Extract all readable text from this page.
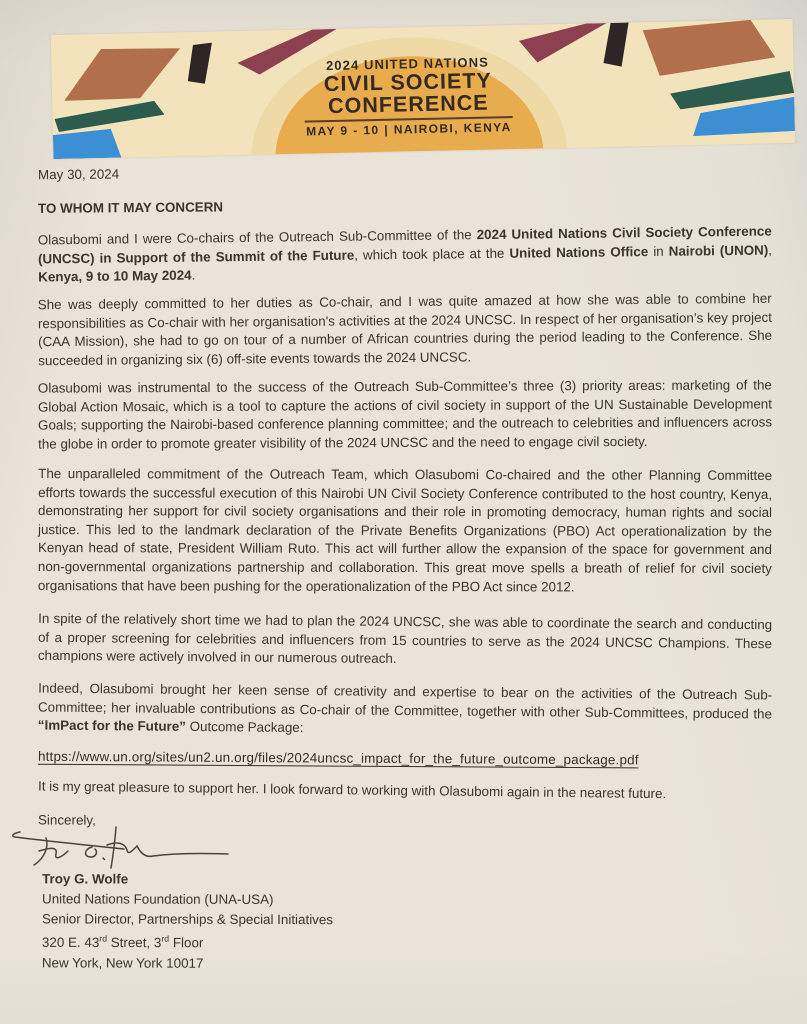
2024 UNITED NATIONS
CIVIL SOCIETY
CONFERENCE
MAY 9 - 10 | NAIROBI, KENYA
May 30, 2024
TO WHOM IT MAY CONCERN

Olasubomi and I were Co-chairs of the Outreach Sub-Committee of the 2024 United Nations Civil Society Conference (UNCSC) in Support of the Summit of the Future, which took place at the United Nations Office in Nairobi (UNON), Kenya, 9 to 10 May 2024.

She was deeply committed to her duties as Co-chair, and I was quite amazed at how she was able to combine her responsibilities as Co-chair with her organisation's activities at the 2024 UNCSC. In respect of her organisation’s key project (CAA Mission), she had to go on tour of a number of African countries during the period leading to the Conference. She succeeded in organizing six (6) off-site events towards the 2024 UNCSC.

Olasubomi was instrumental to the success of the Outreach Sub-Committee’s three (3) priority areas: marketing of the Global Action Mosaic, which is a tool to capture the actions of civil society in support of the UN Sustainable Development Goals; supporting the Nairobi-based conference planning committee; and the outreach to celebrities and influencers across the globe in order to promote greater visibility of the 2024 UNCSC and the need to engage civil society.

The unparalleled commitment of the Outreach Team, which Olasubomi Co-chaired and the other Planning Committee efforts towards the successful execution of this Nairobi UN Civil Society Conference contributed to the host country, Kenya, demonstrating her support for civil society organisations and their role in promoting democracy, human rights and social justice. This led to the landmark declaration of the Private Benefits Organizations (PBO) Act operationalization by the Kenyan head of state, President William Ruto. This act will further allow the expansion of the space for government and non-governmental organizations partnership and collaboration. This great move spells a breath of relief for civil society organisations that have been pushing for the operationalization of the PBO Act since 2012.

In spite of the relatively short time we had to plan the 2024 UNCSC, she was able to coordinate the search and conducting of a proper screening for celebrities and influencers from 15 countries to serve as the 2024 UNCSC Champions. These champions were actively involved in our numerous outreach.

Indeed, Olasubomi brought her keen sense of creativity and expertise to bear on the activities of the Outreach Sub-Committee; her invaluable contributions as Co-chair of the Committee, together with other Sub-Committees, produced the “ImPact for the Future” Outcome Package:

https://www.un.org/sites/un2.un.org/files/2024uncsc_impact_for_the_future_outcome_package.pdf
It is my great pleasure to support her. I look forward to working with Olasubomi again in the nearest future.
Sincerely,
Troy G. Wolfe
United Nations Foundation (UNA-USA)
Senior Director, Partnerships & Special Initiatives
320 E. 43rd Street, 3rd Floor
New York, New York 10017
